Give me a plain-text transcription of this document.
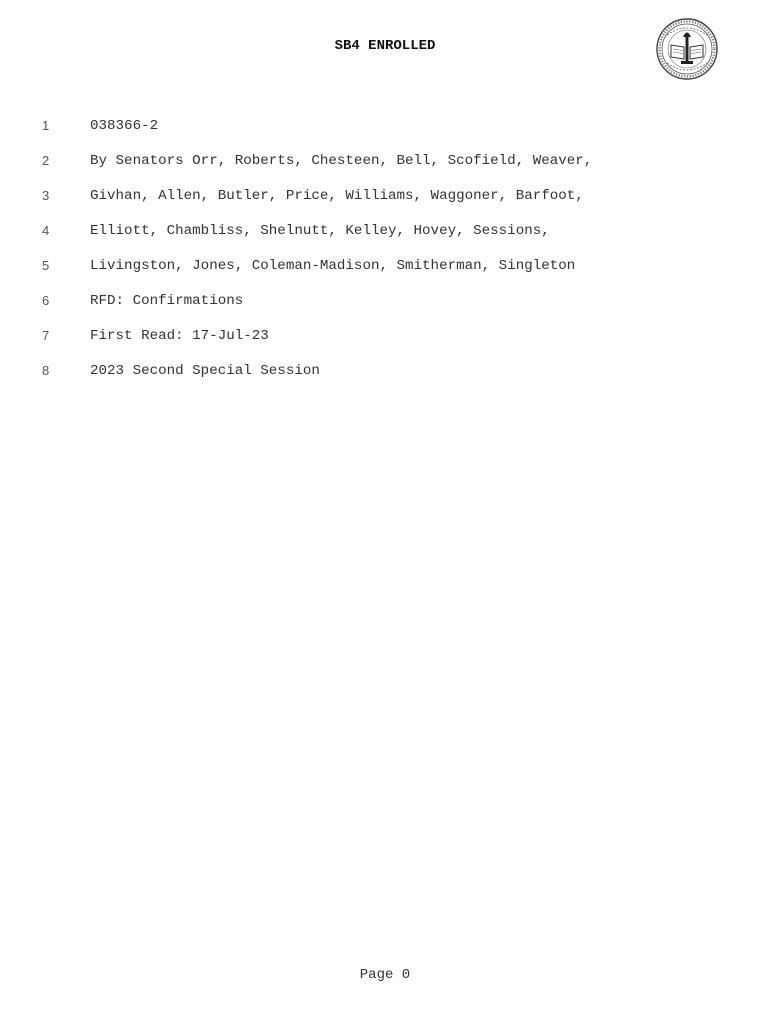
SB4 ENROLLED
1	038366-2
2	By Senators Orr, Roberts, Chesteen, Bell, Scofield, Weaver,
3	Givhan, Allen, Butler, Price, Williams, Waggoner, Barfoot,
4	Elliott, Chambliss, Shelnutt, Kelley, Hovey, Sessions,
5	Livingston, Jones, Coleman-Madison, Smitherman, Singleton
6	RFD: Confirmations
7	First Read: 17-Jul-23
8	2023 Second Special Session
Page 0
